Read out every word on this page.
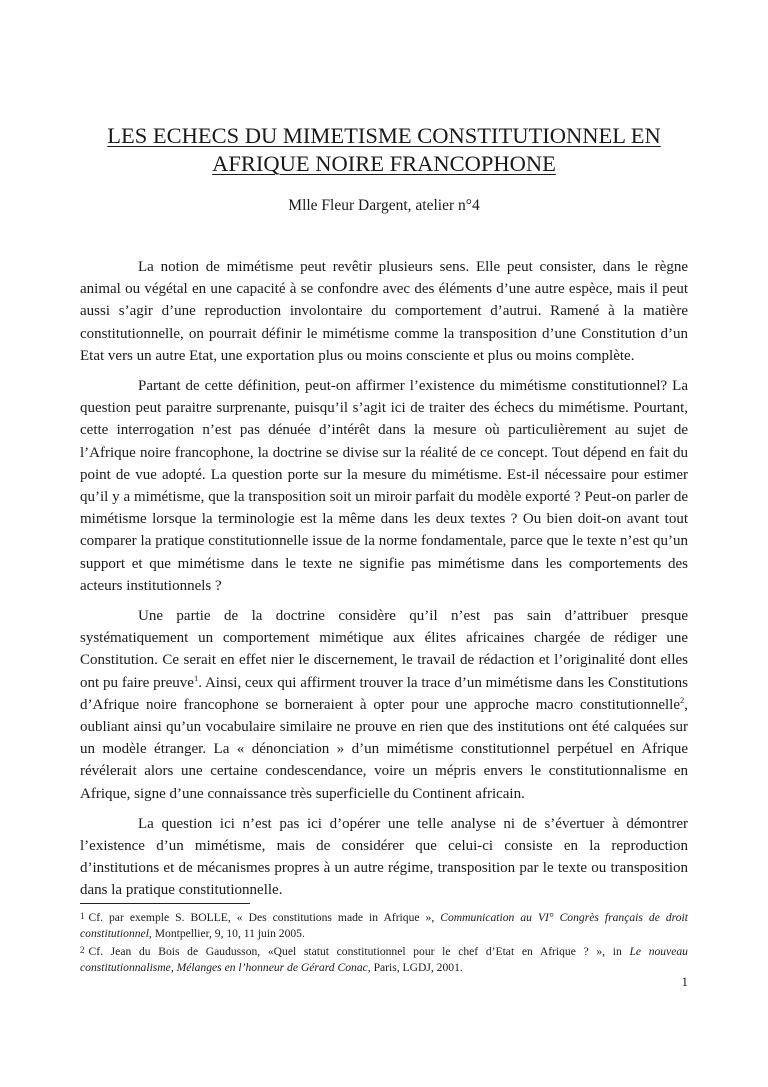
LES ECHECS DU MIMETISME CONSTITUTIONNEL EN AFRIQUE NOIRE FRANCOPHONE
Mlle Fleur Dargent, atelier n°4

La notion de mimétisme peut revêtir plusieurs sens. Elle peut consister, dans le règne animal ou végétal en une capacité à se confondre avec des éléments d’une autre espèce, mais il peut aussi s’agir d’une reproduction involontaire du comportement d’autrui. Ramené à la matière constitutionnelle, on pourrait définir le mimétisme comme la transposition d’une Constitution d’un Etat vers un autre Etat, une exportation plus ou moins consciente et plus ou moins complète.

Partant de cette définition, peut-on affirmer l’existence du mimétisme constitutionnel? La question peut paraitre surprenante, puisqu’il s’agit ici de traiter des échecs du mimétisme. Pourtant, cette interrogation n’est pas dénuée d’intérêt dans la mesure où particulièrement au sujet de l’Afrique noire francophone, la doctrine se divise sur la réalité de ce concept. Tout dépend en fait du point de vue adopté. La question porte sur la mesure du mimétisme. Est-il nécessaire pour estimer qu’il y a mimétisme, que la transposition soit un miroir parfait du modèle exporté ? Peut-on parler de mimétisme lorsque la terminologie est la même dans les deux textes ? Ou bien doit-on avant tout comparer la pratique constitutionnelle issue de la norme fondamentale, parce que le texte n’est qu’un support et que mimétisme dans le texte ne signifie pas mimétisme dans les comportements des acteurs institutionnels ?

Une partie de la doctrine considère qu’il n’est pas sain d’attribuer presque systématiquement un comportement mimétique aux élites africaines chargée de rédiger une Constitution. Ce serait en effet nier le discernement, le travail de rédaction et l’originalité dont elles ont pu faire preuve$^1$. Ainsi, ceux qui affirment trouver la trace d’un mimétisme dans les Constitutions d’Afrique noire francophone se borneraient à opter pour une approche macro constitutionnelle$^2$, oubliant ainsi qu’un vocabulaire similaire ne prouve en rien que des institutions ont été calquées sur un modèle étranger. La « dénonciation » d’un mimétisme constitutionnel perpétuel en Afrique révélerait alors une certaine condescendance, voire un mépris envers le constitutionnalisme en Afrique, signe d’une connaissance très superficielle du Continent africain.

La question ici n’est pas ici d’opérer une telle analyse ni de s’évertuer à démontrer l’existence d’un mimétisme, mais de considérer que celui-ci consiste en la reproduction d’institutions et de mécanismes propres à un autre régime, transposition par le texte ou transposition dans la pratique constitutionnelle.

1 Cf. par exemple S. BOLLE, « Des constitutions made in Afrique », Communication au VI° Congrès français de droit constitutionnel, Montpellier, 9, 10, 11 juin 2005.

2 Cf. Jean du Bois de Gaudusson, «Quel statut constitutionnel pour le chef d’Etat en Afrique ? », in Le nouveau constitutionnalisme, Mélanges en l’honneur de Gérard Conac, Paris, LGDJ, 2001.

1
